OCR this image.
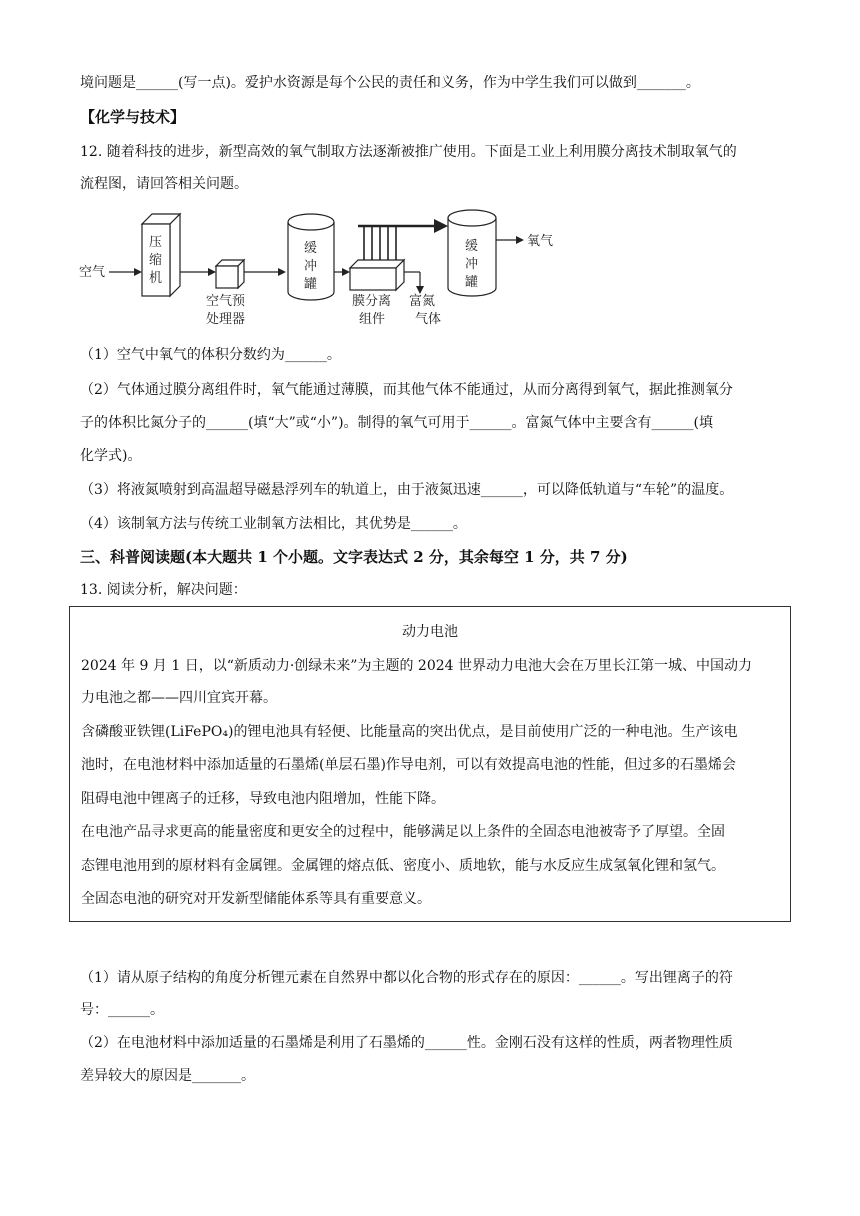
境问题是______(写一点)。爱护水资源是每个公民的责任和义务，作为中学生我们可以做到_______。
【化学与技术】
12. 随着科技的进步，新型高效的氧气制取方法逐渐被推广使用。下面是工业上利用膜分离技术制取氧气的
流程图，请回答相关问题。
空气
压
缩
机
空气预
处理器
缓
冲
罐
膜分离
组件
富氮
气体
缓
冲
罐
氧气
（1）空气中氧气的体积分数约为______。
（2）气体通过膜分离组件时，氧气能通过薄膜，而其他气体不能通过，从而分离得到氧气，据此推测氧分
子的体积比氮分子的______(填“大”或“小”)。制得的氧气可用于______。富氮气体中主要含有______(填
化学式)。
（3）将液氮喷射到高温超导磁悬浮列车的轨道上，由于液氮迅速______，可以降低轨道与“车轮”的温度。
（4）该制氧方法与传统工业制氧方法相比，其优势是______。
三、科普阅读题(本大题共 1 个小题。文字表达式 2 分，其余每空 1 分，共 7 分)
13. 阅读分析，解决问题：
动力电池
2024 年 9 月 1 日，以“新质动力·创绿未来”为主题的 2024 世界动力电池大会在万里长江第一城、中国动力
力电池之都——四川宜宾开幕。
含磷酸亚铁锂(LiFePO₄)的锂电池具有轻便、比能量高的突出优点，是目前使用广泛的一种电池。生产该电
池时，在电池材料中添加适量的石墨烯(单层石墨)作导电剂，可以有效提高电池的性能，但过多的石墨烯会
阻碍电池中锂离子的迁移，导致电池内阻增加，性能下降。
在电池产品寻求更高的能量密度和更安全的过程中，能够满足以上条件的全固态电池被寄予了厚望。全固
态锂电池用到的原材料有金属锂。金属锂的熔点低、密度小、质地软，能与水反应生成氢氧化锂和氢气。
全固态电池的研究对开发新型储能体系等具有重要意义。
（1）请从原子结构的角度分析锂元素在自然界中都以化合物的形式存在的原因：______。写出锂离子的符
号：______。
（2）在电池材料中添加适量的石墨烯是利用了石墨烯的______性。金刚石没有这样的性质，两者物理性质
差异较大的原因是_______。
